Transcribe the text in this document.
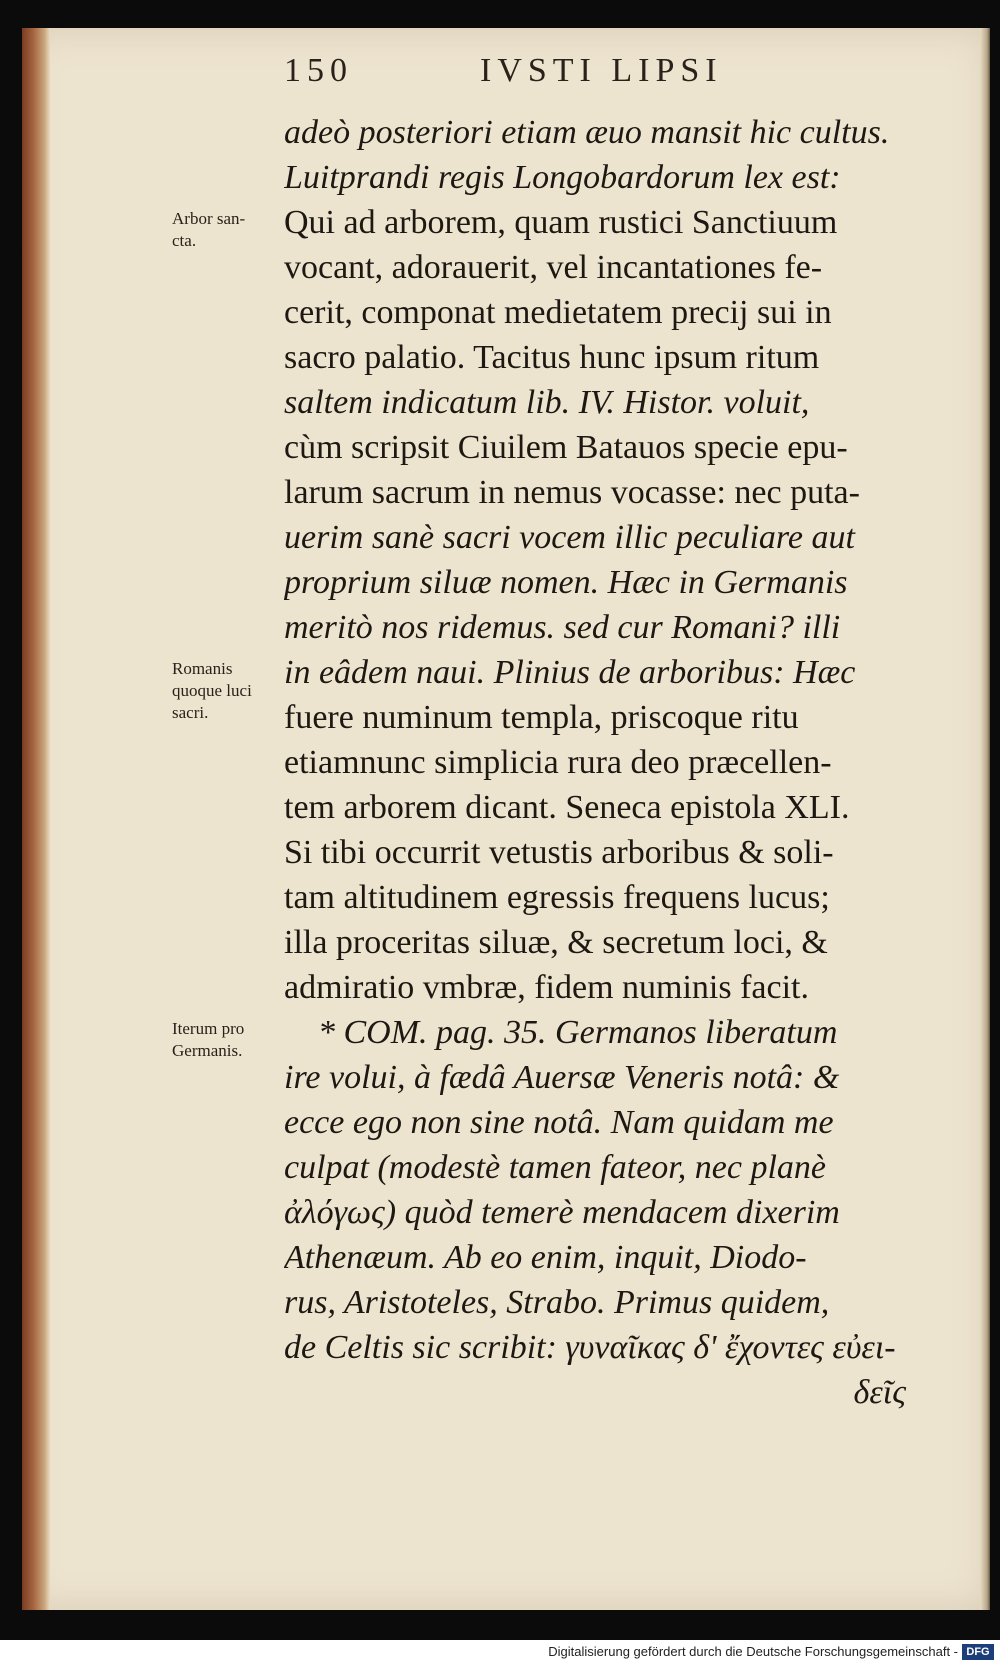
150	IVSTI LIPSI
adeò posteriori etiam æuo mansit hic cultus.
Luitprandi regis Longobardorum lex est:
Qui ad arborem, quam rustici Sanctiuum
vocant, adorauerit, vel incantationes fe-
cerit, componat medietatem precij sui in
sacro palatio. Tacitus hunc ipsum ritum
saltem indicatum lib. IV. Histor. voluit,
cùm scripsit Ciuilem Batauos specie epu-
larum sacrum in nemus vocasse: nec puta-
uerim sanè sacri vocem illic peculiare aut
proprium siluæ nomen. Hæc in Germanis
meritò nos ridemus. sed cur Romani? illi
in eâdem naui. Plinius de arboribus: Hæc
fuere numinum templa, priscoque ritu
etiamnunc simplicia rura deo præcellen-
tem arborem dicant. Seneca epistola XLI.
Si tibi occurrit vetustis arboribus & soli-
tam altitudinem egressis frequens lucus;
illa proceritas siluæ, & secretum loci, &
admiratio vmbræ, fidem numinis facit.
* COM. pag. 35. Germanos liberatum
ire volui, à fædâ Auersæ Veneris notâ: &
ecce ego non sine notâ. Nam quidam me
culpat (modestè tamen fateor, nec planè
ἀλόγως) quòd temerè mendacem dixerim
Athenæum. Ab eo enim, inquit, Diodo-
rus, Aristoteles, Strabo. Primus quidem,
de Celtis sic scribit: γυναῖκας δ' ἔχοντες εὐει-
δεῖς
Arbor san-
cta.
Romanis
quoque luci
sacri.
Iterum pro
Germanis.
Digitalisierung gefördert durch die Deutsche Forschungsgemeinschaft - DFG
